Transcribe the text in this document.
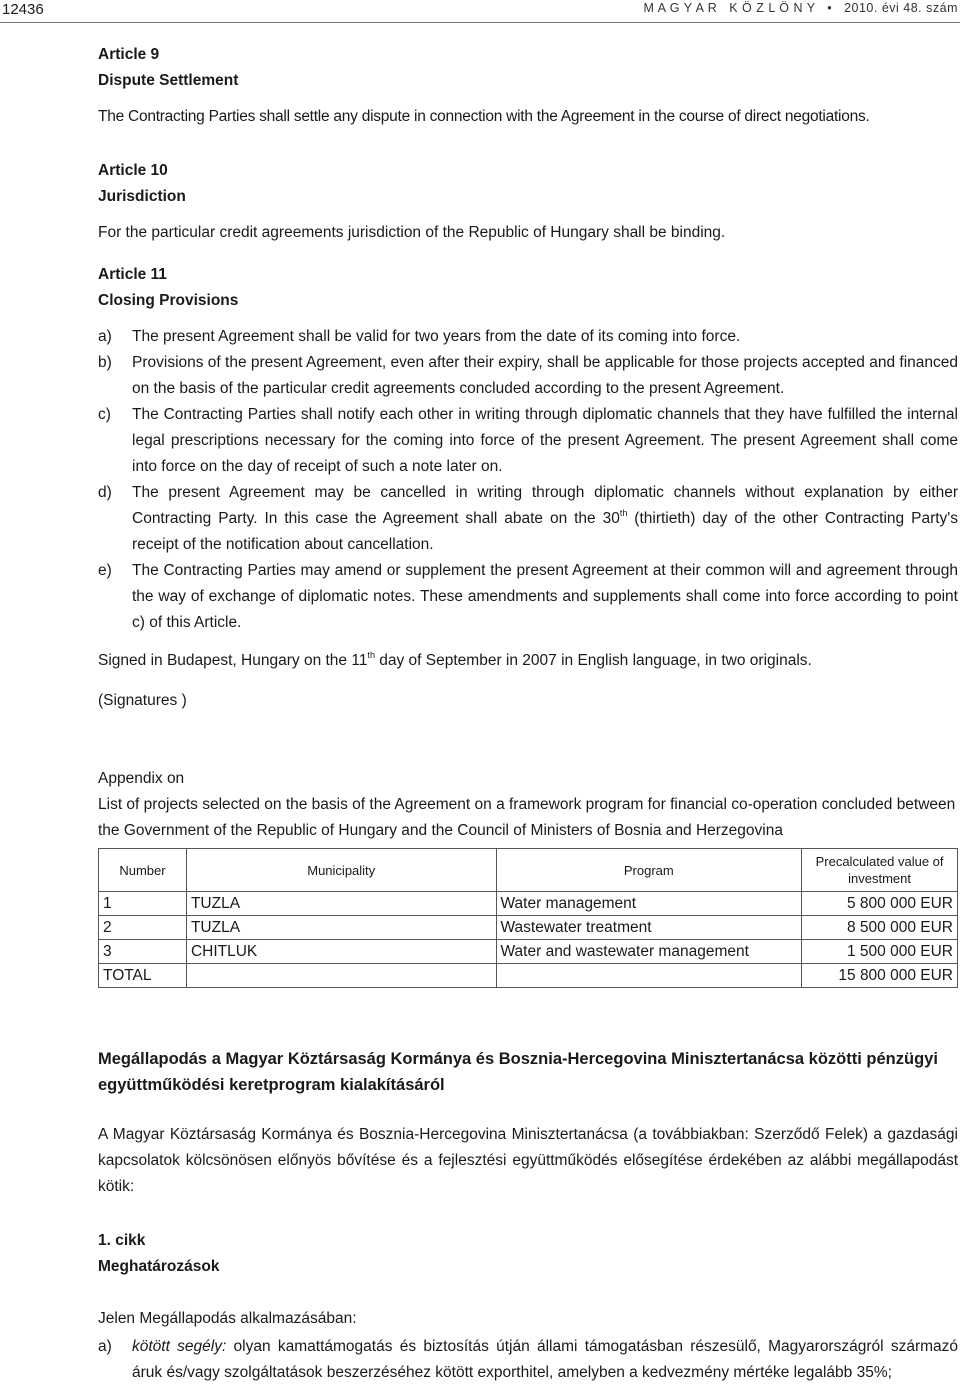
12436	M A G Y A R   K Ö Z L Ö N Y   •   2010. évi 48. szám
Article 9
Dispute Settlement
The Contracting Parties shall settle any dispute in connection with the Agreement in the course of direct negotiations.
Article 10
Jurisdiction
For the particular credit agreements jurisdiction of the Republic of Hungary shall be binding.
Article 11
Closing Provisions
a) The present Agreement shall be valid for two years from the date of its coming into force.
b) Provisions of the present Agreement, even after their expiry, shall be applicable for those projects accepted and financed on the basis of the particular credit agreements concluded according to the present Agreement.
c) The Contracting Parties shall notify each other in writing through diplomatic channels that they have fulfilled the internal legal prescriptions necessary for the coming into force of the present Agreement. The present Agreement shall come into force on the day of receipt of such a note later on.
d) The present Agreement may be cancelled in writing through diplomatic channels without explanation by either Contracting Party. In this case the Agreement shall abate on the 30th (thirtieth) day of the other Contracting Party's receipt of the notification about cancellation.
e) The Contracting Parties may amend or supplement the present Agreement at their common will and agreement through the way of exchange of diplomatic notes. These amendments and supplements shall come into force according to point c) of this Article.
Signed in Budapest, Hungary on the 11th day of September in 2007 in English language, in two originals.
(Signatures )
Appendix on
List of projects selected on the basis of the Agreement on a framework program for financial co-operation concluded between the Government of the Republic of Hungary and the Council of Ministers of Bosnia and Herzegovina
Number	Municipality	Program	Precalculated value of investment
1	TUZLA	Water management	5 800 000 EUR
2	TUZLA	Wastewater treatment	8 500 000 EUR
3	CHITLUK	Water and wastewater management	1 500 000 EUR
TOTAL			15 800 000 EUR
Megállapodás a Magyar Köztársaság Kormánya és Bosznia-Hercegovina Minisztertanácsa közötti pénzügyi együttműködési keretprogram kialakításáról
A Magyar Köztársaság Kormánya és Bosznia-Hercegovina Minisztertanácsa (a továbbiakban: Szerződő Felek) a gazdasági kapcsolatok kölcsönösen előnyös bővítése és a fejlesztési együttműködés elősegítése érdekében az alábbi megállapodást kötik:
1. cikk
Meghatározások
Jelen Megállapodás alkalmazásában:
a) kötött segély: olyan kamattámogatás és biztosítás útján állami támogatásban részesülő, Magyarországról származó áruk és/vagy szolgáltatások beszerzéséhez kötött exporthitel, amelyben a kedvezmény mértéke legalább 35%;
